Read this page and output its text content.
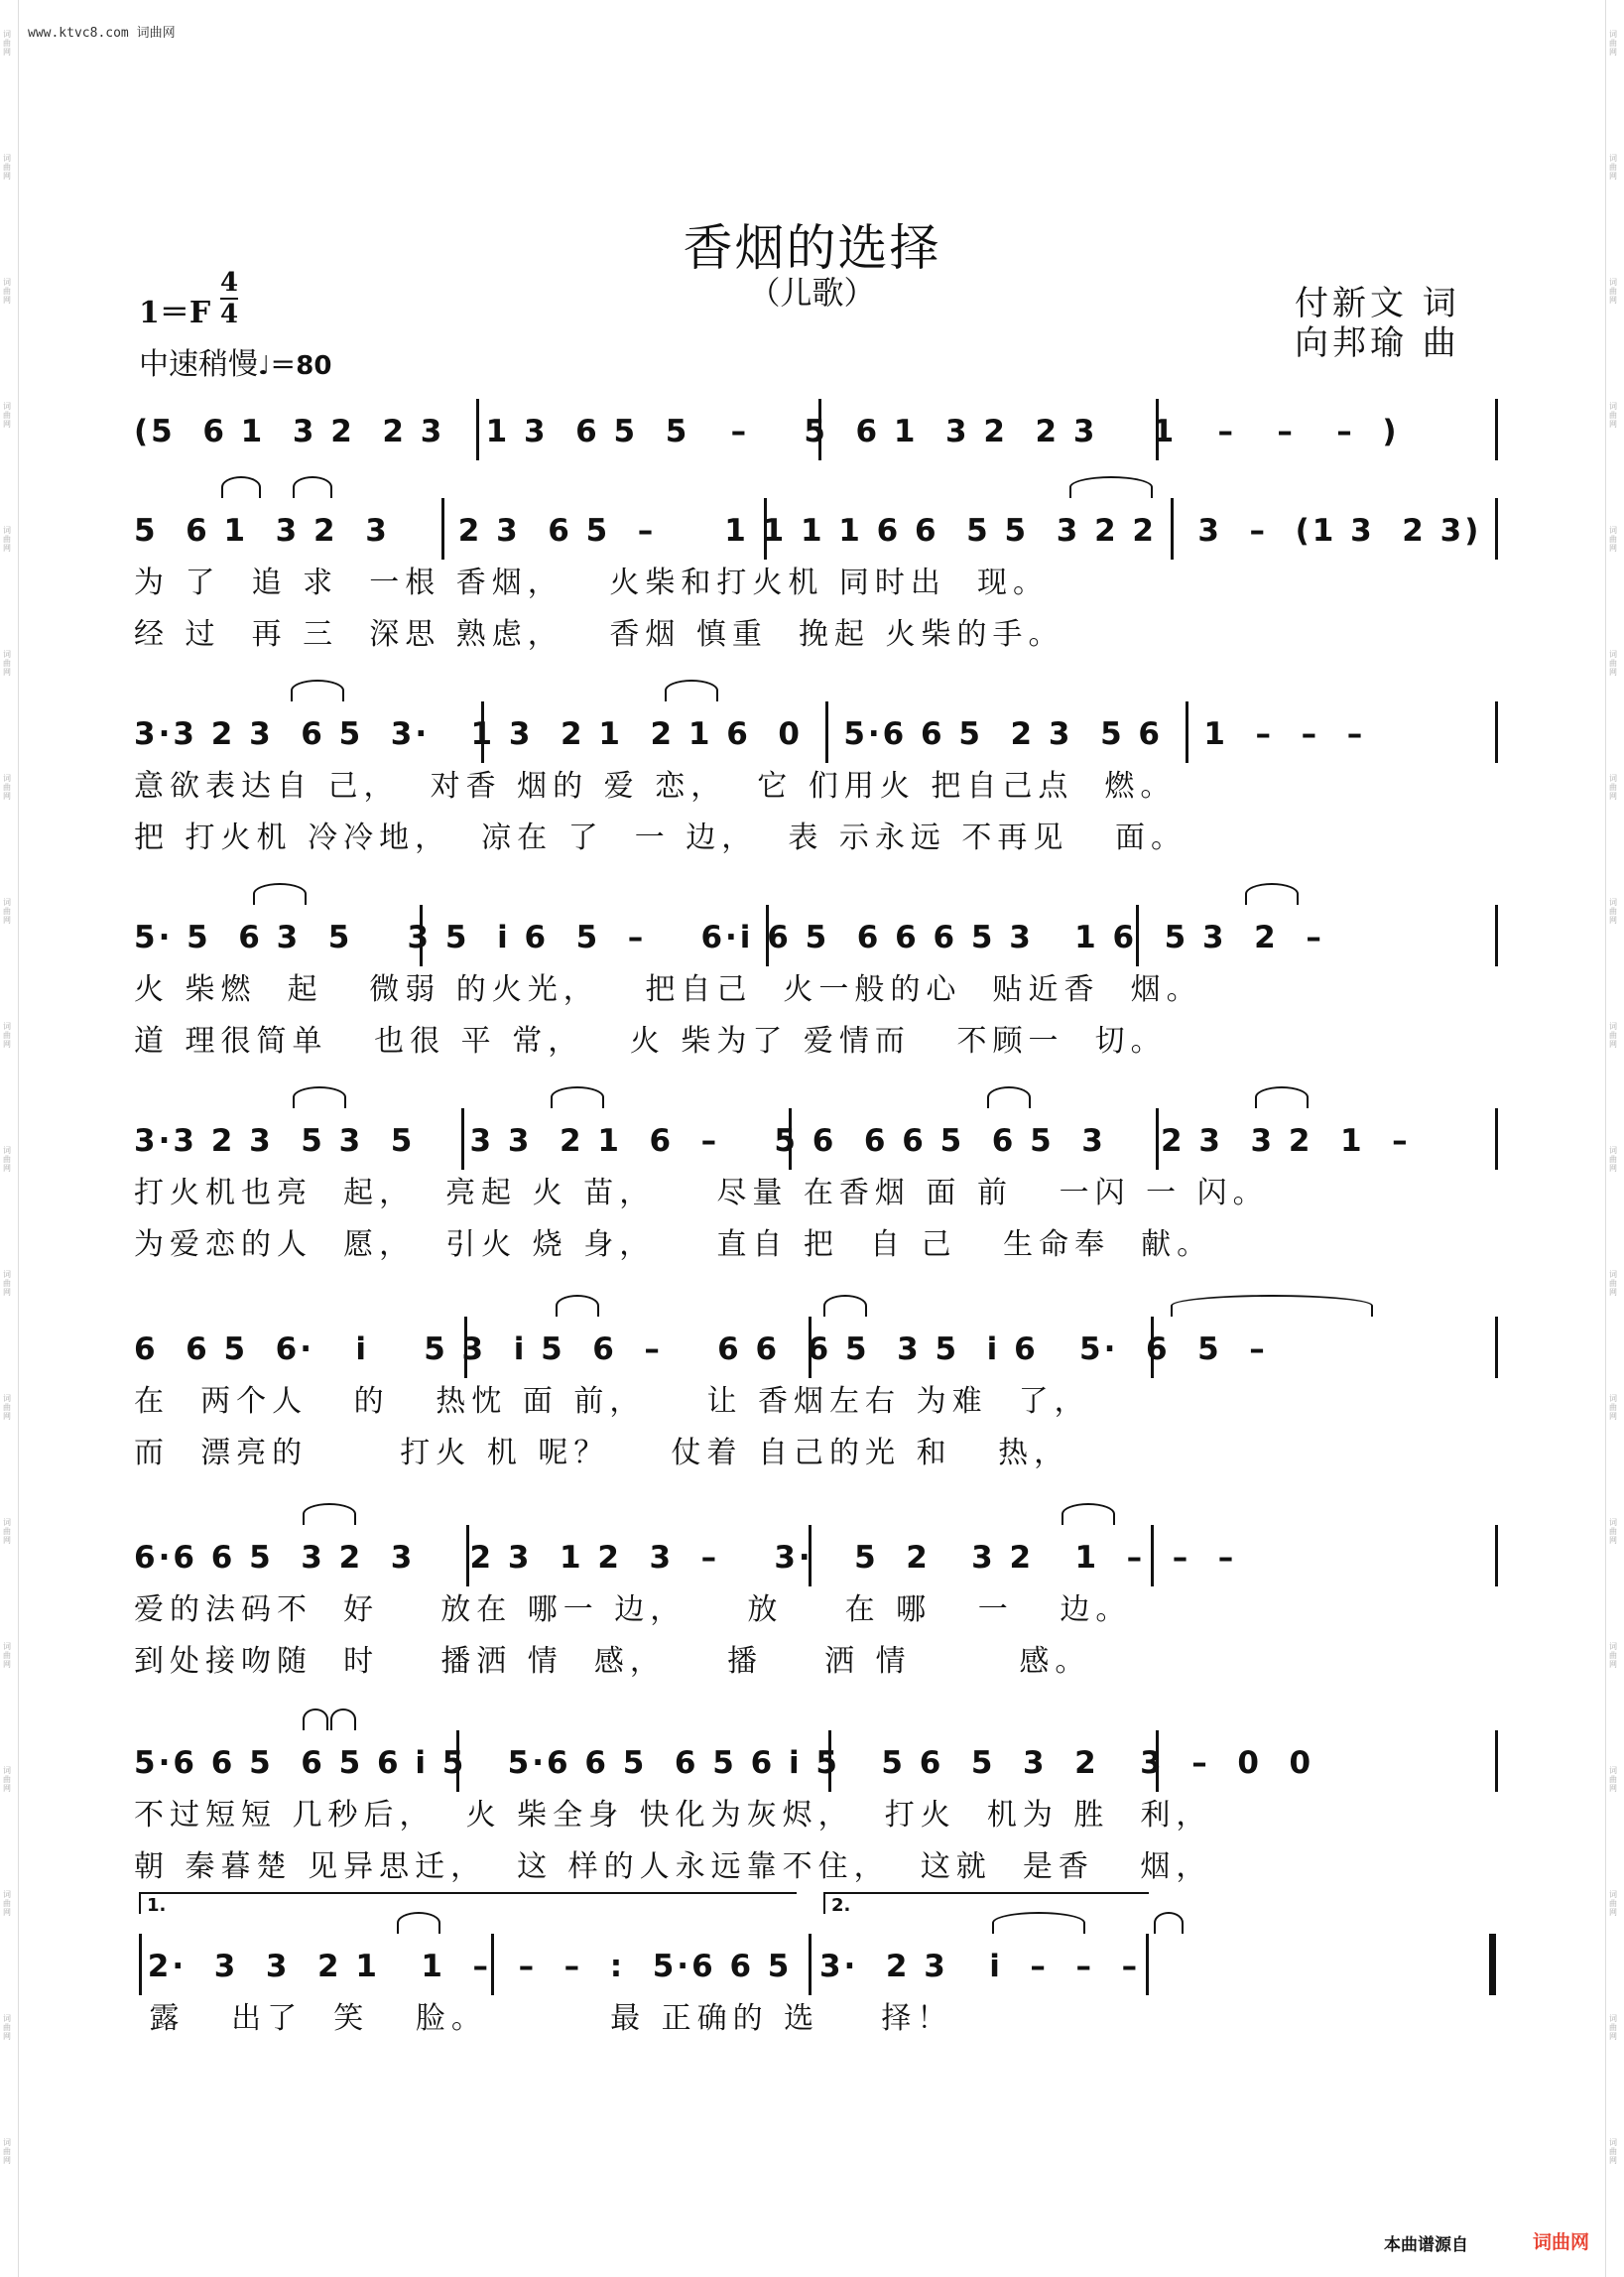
词曲网
词曲网
词曲网
词曲网
词曲网
词曲网
词曲网
词曲网
词曲网
词曲网
词曲网
词曲网
词曲网
词曲网
词曲网
词曲网
词曲网
词曲网
词曲网
词曲网
词曲网
词曲网
词曲网
词曲网
词曲网
词曲网
词曲网
词曲网
词曲网
词曲网
词曲网
词曲网
词曲网
词曲网
词曲网
词曲网
www.ktvc8.com 词曲网
香烟的选择
（儿歌）
1＝F
4
4
中速稍慢♩＝80
付新文 词
向邦瑜 曲
(5  6 1  3 2  2 3   1 3  6 5  5   –    5  6 1  3 2  2 3    1   –   –   –  )
5  6 1  3 2  3     2 3  6 5  –     1 1 1 1 6 6  5 5  3 2 2   3  –  (1 3  2 3)
为 了  追 求  一根 香烟，   火柴和打火机 同时出  现。
经 过  再 三  深思 熟虑，   香烟 慎重  挽起 火柴的手。
3·3 2 3  6 5  3·   1 3  2 1  2 1 6  0   5·6 6 5  2 3  5 6   1  –  –  –
意欲表达自 己，  对香 烟的 爱 恋，  它 们用火 把自己点  燃。
把 打火机 冷冷地，  凉在 了  一 边，  表 示永远 不再见   面。
5· 5  6 3  5    3 5  i 6  5  –    6·i 6 5  6 6 6 5 3   1 6  5 3  2  –
火 柴燃  起   微弱 的火光，   把自己  火一般的心  贴近香  烟。
道 理很简单   也很 平 常，   火 柴为了 爱情而   不顾一  切。
3·3 2 3  5 3  5    3 3  2 1  6  –    5 6  6 6 5  6 5  3    2 3  3 2  1  –
打火机也亮  起，  亮起 火 苗，    尽量 在香烟 面 前   一闪 一 闪。
为爱恋的人  愿，  引火 烧 身，    直自 把  自 己   生命奉  献。
6  6 5  6·   i    5 3  i 5  6  –    6 6  6 5  3 5  i 6   5·  6  5  –
在  两个人   的   热忱 面 前，    让 香烟左右 为难  了，
而  漂亮的      打火 机 呢？    仗着 自己的光 和   热，
6·6 6 5  3 2  3    2 3  1 2  3  –    3·   5  2   3 2   1  –  –  –
爱的法码不  好    放在 哪一 边，    放    在 哪   一   边。
到处接吻随  时    播洒 情  感，    播    洒 情       感。
5·6 6 5  6 5 6 i 5   5·6 6 5  6 5 6 i 5   5 6  5  3  2   3  –  0  0
不过短短 几秒后，  火 柴全身 快化为灰烬，  打火  机为 胜  利，
朝 秦暮楚 见异思迁，  这 样的人永远靠不住，  这就  是香   烟，
1.	2.
2·  3  3  2 1   1  –  –  –  :  5·6 6 5  3·  2 3   i  –  –  –
露   出了  笑   脸。        最 正确的 选    择！
本曲谱源自	词曲网
